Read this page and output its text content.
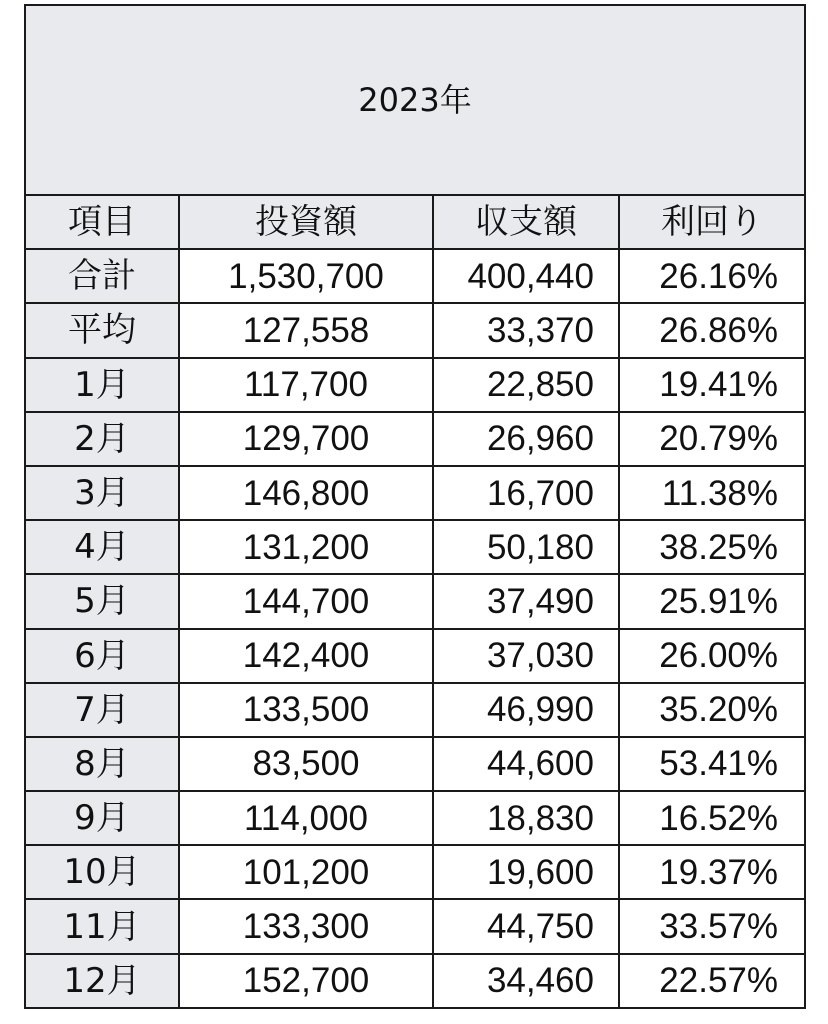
2023年			
項目	投資額	収支額	利回り
合計	1,530,700	400,440	26.16%
平均	127,558	33,370	26.86%
1月	117,700	22,850	19.41%
2月	129,700	26,960	20.79%
3月	146,800	16,700	11.38%
4月	131,200	50,180	38.25%
5月	144,700	37,490	25.91%
6月	142,400	37,030	26.00%
7月	133,500	46,990	35.20%
8月	83,500	44,600	53.41%
9月	114,000	18,830	16.52%
10月	101,200	19,600	19.37%
11月	133,300	44,750	33.57%
12月	152,700	34,460	22.57%
